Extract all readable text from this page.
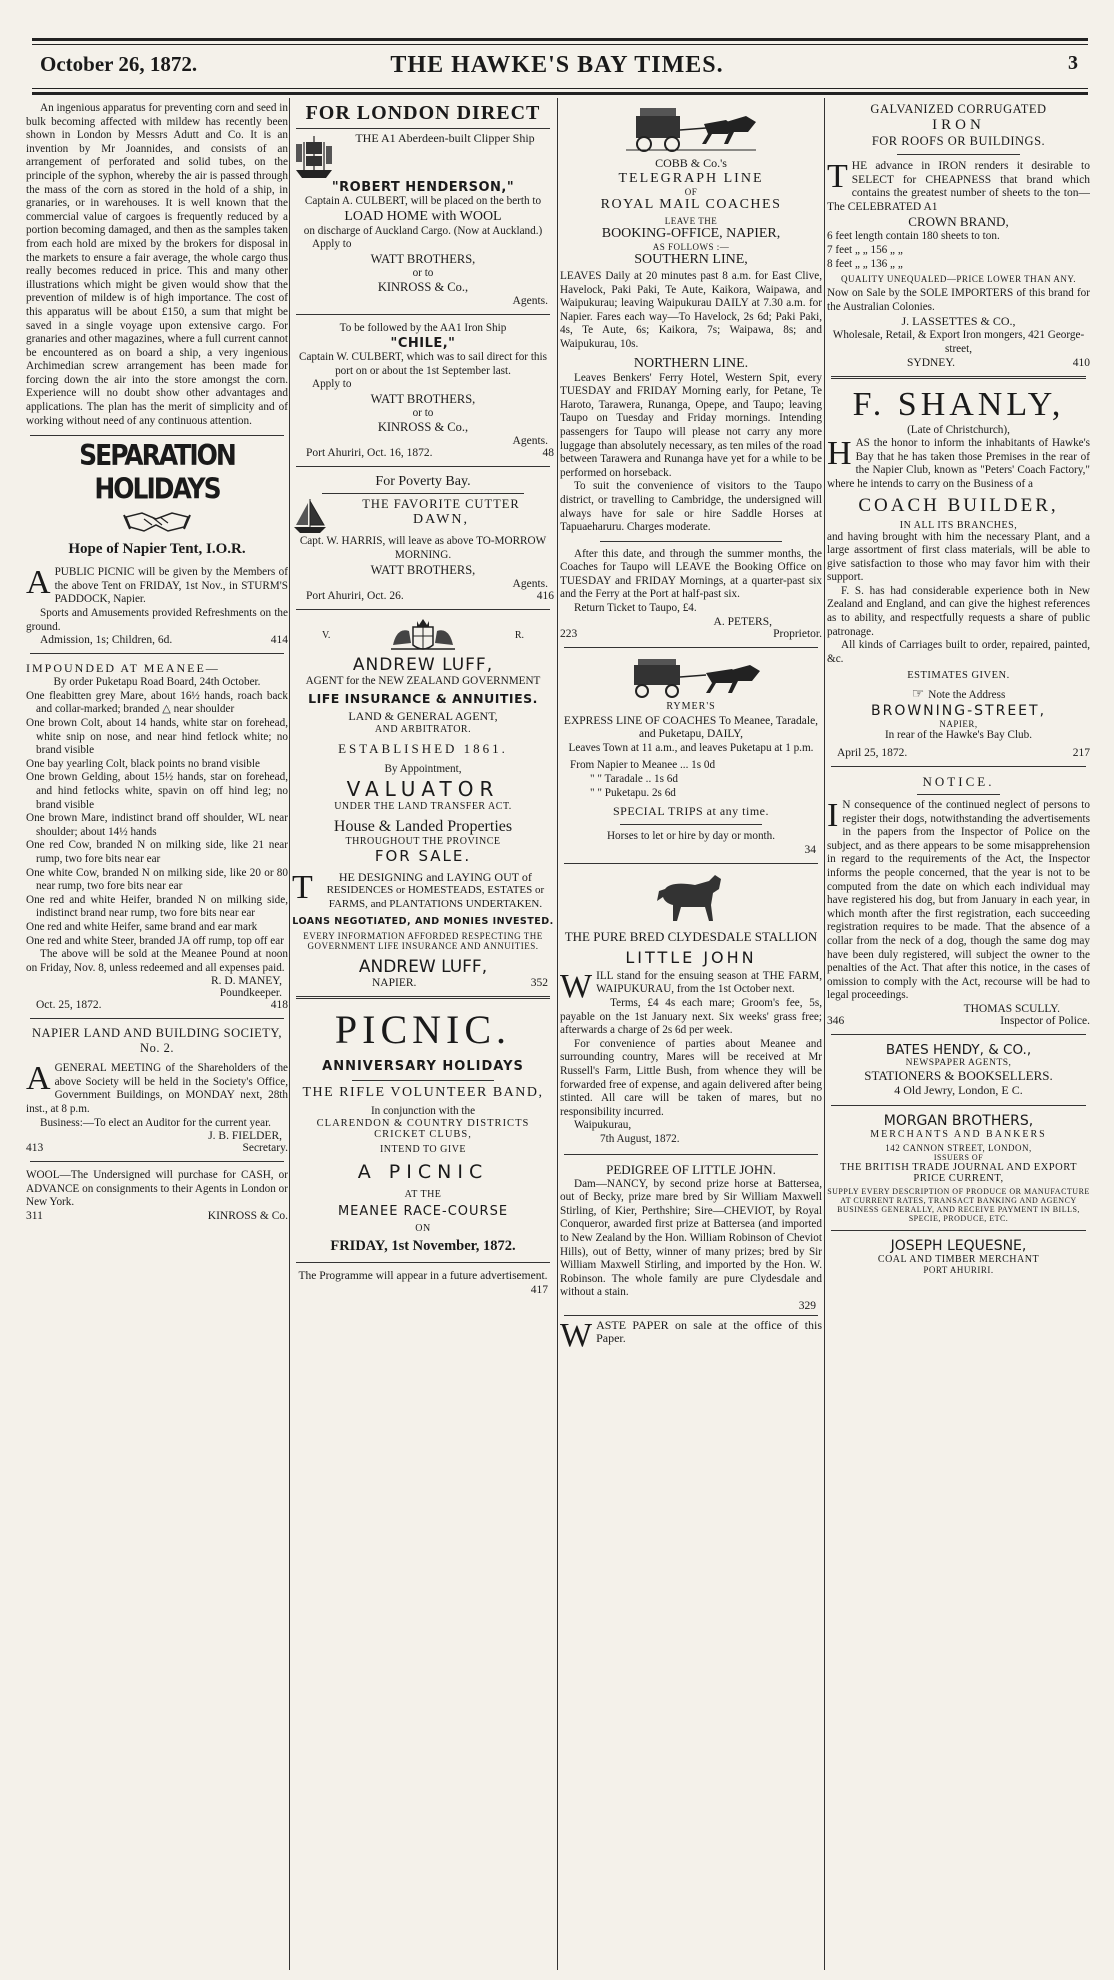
October 26, 1872.	THE HAWKE'S BAY TIMES.	3

An ingenious apparatus for preventing corn and seed in bulk becoming affected with mildew has recently been shown in London by Messrs Adutt and Co. It is an invention by Mr Joannides, and consists of an arrangement of perforated and solid tubes, on the principle of the syphon, whereby the air is passed through the mass of the corn as stored in the hold of a ship, in granaries, or in warehouses. It is well known that the commercial value of cargoes is frequently reduced by a portion becoming damaged, and then as the samples taken from each hold are mixed by the brokers for disposal in the markets to ensure a fair average, the whole cargo thus really becomes reduced in price. This and many other illustrations which might be given would show that the prevention of mildew is of high importance. The cost of this apparatus will be about £150, a sum that might be saved in a single voyage upon extensive cargo. For granaries and other magazines, where a full current cannot be encountered as on board a ship, a very ingenious Archimedian screw arrangement has been made for forcing down the air into the store amongst the corn. Experience will no doubt show other advantages and applications. The plan has the merit of simplicity and of working without need of any continuous attention.

SEPARATION HOLIDAYS
Hope of Napier Tent, I.O.R.

APUBLIC PICNIC will be given by the Members of the above Tent on FRIDAY, 1st Nov., in STURM'S PADDOCK, Napier.

Sports and Amusements provided Refreshments on the ground.

Admission, 1s; Children, 6d.	414
IMPOUNDED AT MEANEE—

By order Puketapu Road Board, 24th October.

One fleabitten grey Mare, about 16½ hands, roach back and collar-marked; branded △ near shoulder

One brown Colt, about 14 hands, white star on forehead, white snip on nose, and near hind fetlock white; no brand visible

One bay yearling Colt, black points no brand visible

One brown Gelding, about 15½ hands, star on forehead, and hind fetlocks white, spavin on off hind leg; no brand visible

One brown Mare, indistinct brand off shoulder, WL near shoulder; about 14½ hands

One red Cow, branded N on milking side, like 21 near rump, two fore bits near ear

One white Cow, branded N on milking side, like 20 or 80 near rump, two fore bits near ear

One red and white Heifer, branded N on milking side, indistinct brand near rump, two fore bits near ear

One red and white Heifer, same brand and ear mark

One red and white Steer, branded JA off rump, top off ear

The above will be sold at the Meanee Pound at noon on Friday, Nov. 8, unless redeemed and all expenses paid.

R. D. MANEY,
Poundkeeper.
Oct. 25, 1872.	418
NAPIER LAND AND BUILDING SOCIETY, No. 2.

AGENERAL MEETING of the Shareholders of the above Society will be held in the Society's Office, Government Buildings, on MONDAY next, 28th inst., at 8 p.m.

Business:—To elect an Auditor for the current year.

J. B. FIELDER,
413	Secretary.

WOOL—The Undersigned will purchase for CASH, or ADVANCE on consignments to their Agents in London or New York.

311	KINROSS & Co.
FOR LONDON DIRECT

THE A1 Aberdeen-built Clipper Ship

"ROBERT HENDERSON,"

Captain A. CULBERT, will be placed on the berth to

LOAD HOME with WOOL

on discharge of Auckland Cargo. (Now at Auckland.)

Apply to

WATT BROTHERS,

or to

KINROSS & Co.,
Agents.

To be followed by the AA1 Iron Ship

"CHILE,"

Captain W. CULBERT, which was to sail direct for this port on or about the 1st September last.

Apply to

WATT BROTHERS,

or to

KINROSS & Co.,
Agents.
Port Ahuriri, Oct. 16, 1872.	48
For Poverty Bay.
THE FAVORITE CUTTER
DAWN,

Capt. W. HARRIS, will leave as above TO-MORROW MORNING.

WATT BROTHERS,
Agents.
Port Ahuriri, Oct. 26.	416
V.	R.
ANDREW LUFF,

AGENT for the NEW ZEALAND GOVERNMENT

LIFE INSURANCE & ANNUITIES.
LAND & GENERAL AGENT,
AND ARBITRATOR.
ESTABLISHED 1861.

By Appointment,

VALUATOR
UNDER THE LAND TRANSFER ACT.
House & Landed Properties
THROUGHOUT THE PROVINCE
FOR SALE.

T HE DESIGNING and LAYING OUT of

RESIDENCES or HOMESTEADS, ESTATES or FARMS, and PLANTATIONS UNDERTAKEN.

LOANS NEGOTIATED, AND MONIES INVESTED.
EVERY INFORMATION AFFORDED RESPECTING THE GOVERNMENT LIFE INSURANCE AND ANNUITIES.
ANDREW LUFF,
NAPIER.	352
PICNIC.
ANNIVERSARY HOLIDAYS
THE RIFLE VOLUNTEER BAND,

In conjunction with the

CLARENDON & COUNTRY DISTRICTS CRICKET CLUBS,
INTEND TO GIVE
A PICNIC
AT THE
MEANEE RACE-COURSE
ON
FRIDAY, 1st November, 1872.

The Programme will appear in a future advertisement.

417
COBB & Co.'s
TELEGRAPH LINE
OF
ROYAL MAIL COACHES
LEAVE THE
BOOKING-OFFICE, NAPIER,
AS FOLLOWS :—
SOUTHERN LINE,

LEAVES Daily at 20 minutes past 8 a.m. for East Clive, Havelock, Paki Paki, Te Aute, Kaikora, Waipawa, and Waipukurau; leaving Waipukurau DAILY at 7.30 a.m. for Napier. Fares each way—To Havelock, 2s 6d; Paki Paki, 4s, Te Aute, 6s; Kaikora, 7s; Waipawa, 8s; and Waipukurau, 10s.

NORTHERN LINE.

Leaves Benkers' Ferry Hotel, Western Spit, every TUESDAY and FRIDAY Morning early, for Petane, Te Haroto, Tarawera, Runanga, Opepe, and Taupo; leaving Taupo on Tuesday and Friday mornings. Intending passengers for Taupo will please not carry any more luggage than absolutely necessary, as ten miles of the road between Tarawera and Runanga have yet for a while to be performed on horseback.

To suit the convenience of visitors to the Taupo district, or travelling to Cambridge, the undersigned will always have for sale or hire Saddle Horses at Tapuaeharuru. Charges moderate.

After this date, and through the summer months, the Coaches for Taupo will LEAVE the Booking Office on TUESDAY and FRIDAY Mornings, at a quarter-past six and the Ferry at the Port at half-past six.

Return Ticket to Taupo, £4.

A. PETERS,
223	Proprietor.
RYMER'S

EXPRESS LINE OF COACHES To Meanee, Taradale, and Puketapu, DAILY,

Leaves Town at 11 a.m., and leaves Puketapu at 1 p.m.

From Napier to Meanee ... 1s 0d

" " Taradale .. 1s 6d

" " Puketapu. 2s 6d

SPECIAL TRIPS at any time.

Horses to let or hire by day or month.

34
THE PURE BRED CLYDESDALE STALLION
LITTLE JOHN

WILL stand for the ensuing season at THE FARM, WAIPUKURAU, from the 1st October next.

Terms, £4 4s each mare; Groom's fee, 5s, payable on the 1st January next. Six weeks' grass free; afterwards a charge of 2s 6d per week.

For convenience of parties about Meanee and surrounding country, Mares will be received at Mr Russell's Farm, Little Bush, from whence they will be forwarded free of expense, and again delivered after being stinted. All care will be taken of mares, but no responsibility incurred.

Waipukurau,

7th August, 1872.

PEDIGREE OF LITTLE JOHN.

Dam—NANCY, by second prize horse at Battersea, out of Becky, prize mare bred by Sir William Maxwell Stirling, of Kier, Perthshire; Sire—CHEVIOT, by Royal Conqueror, awarded first prize at Battersea (and imported to New Zealand by the Hon. William Robinson of Cheviot Hills), out of Betty, winner of many prizes; bred by Sir William Maxwell Stirling, and imported by the Hon. W. Robinson. The whole family are pure Clydesdale and without a stain.

329

WASTE PAPER on sale at the office of this Paper.

GALVANIZED CORRUGATED
IRON
FOR ROOFS OR BUILDINGS.

THE advance in IRON renders it desirable to SELECT for CHEAPNESS that brand which contains the greatest number of sheets to the ton—The CELEBRATED A1

CROWN BRAND,

6 feet length contain 180 sheets to ton.

7 feet „ „ 156 „ „

8 feet „ „ 136 „ „

QUALITY UNEQUALED—PRICE LOWER THAN ANY.

Now on Sale by the SOLE IMPORTERS of this brand for the Australian Colonies.

J. LASSETTES & CO.,

Wholesale, Retail, & Export Iron mongers, 421 George-street,

SYDNEY.	410
F. SHANLY,

(Late of Christchurch),

HAS the honor to inform the inhabitants of Hawke's Bay that he has taken those Premises in the rear of the Napier Club, known as "Peters' Coach Factory," where he intends to carry on the Business of a

COACH BUILDER,
IN ALL ITS BRANCHES,

and having brought with him the necessary Plant, and a large assortment of first class materials, will be able to give satisfaction to those who may favor him with their support.

F. S. has had considerable experience both in New Zealand and England, and can give the highest references as to ability, and respectfully requests a share of public patronage.

All kinds of Carriages built to order, repaired, painted, &c.

ESTIMATES GIVEN.
☞ Note the Address
BROWNING-STREET,
NAPIER,

In rear of the Hawke's Bay Club.

April 25, 1872.	217
NOTICE.

I N consequence of the continued neglect of persons to register their dogs, notwithstanding the advertisements in the papers from the Inspector of Police on the subject, and as there appears to be some misapprehension in regard to the requirements of the Act, the Inspector informs the people concerned, that the year is not to be computed from the date on which each individual may have registered his dog, but from January in each year, in which month after the first registration, each succeeding registration requires to be made. That the absence of a collar from the neck of a dog, though the same dog may have been duly registered, will subject the owner to the penalties of the Act. That after this notice, in the cases of omission to comply with the Act, recourse will be had to legal proceedings.

THOMAS SCULLY.
346	Inspector of Police.
BATES HENDY, & CO.,
NEWSPAPER AGENTS,
STATIONERS & BOOKSELLERS.

4 Old Jewry, London, E C.

MORGAN BROTHERS,
MERCHANTS AND BANKERS
142 CANNON STREET, LONDON,
ISSUERS OF
THE BRITISH TRADE JOURNAL AND EXPORT PRICE CURRENT,
SUPPLY EVERY DESCRIPTION OF PRODUCE OR MANUFACTURE AT CURRENT RATES, TRANSACT BANKING AND AGENCY BUSINESS GENERALLY, AND RECEIVE PAYMENT IN BILLS, SPECIE, PRODUCE, ETC.
JOSEPH LEQUESNE,
COAL AND TIMBER MERCHANT
PORT AHURIRI.
